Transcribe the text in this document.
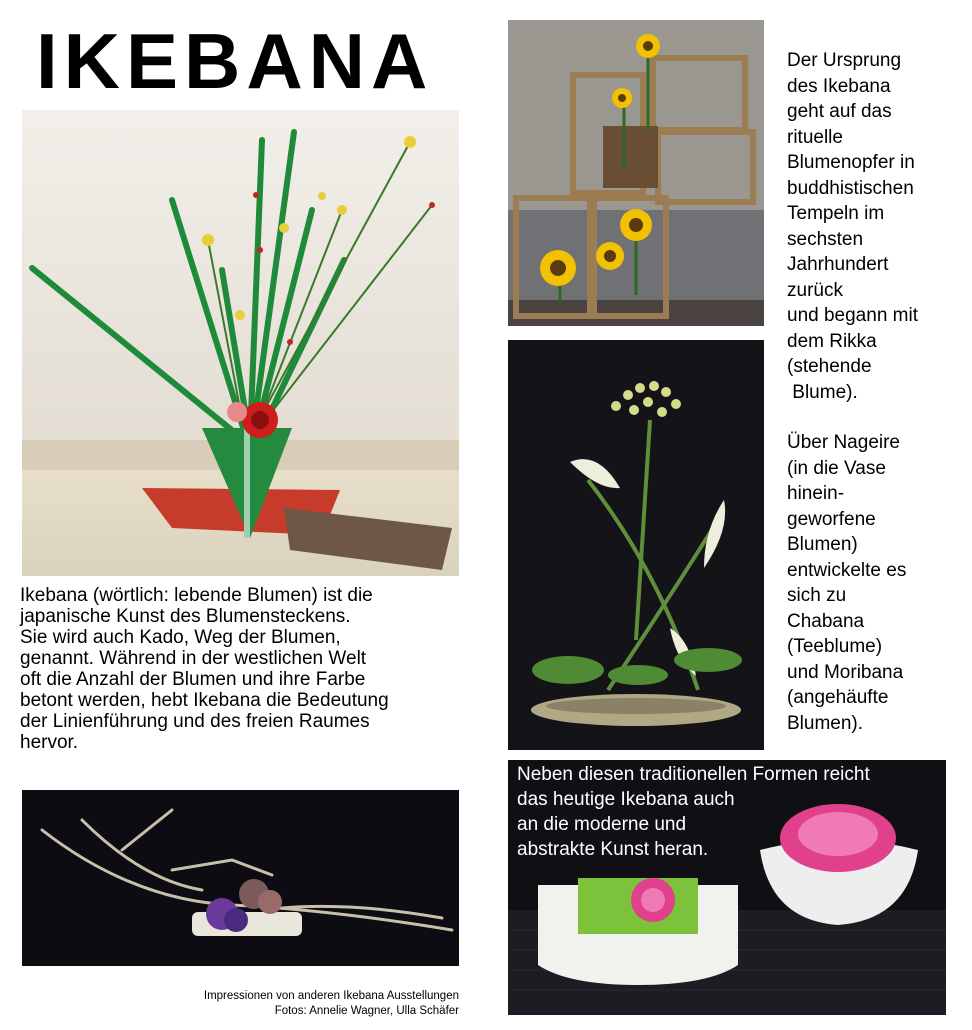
IKEBANA	Der Ursprung

des Ikebana

geht auf das

rituelle

Blumenopfer in

buddhistischen

Tempeln im

sechsten

Jahrhundert

zurück

und begann mit

dem Rikka

(stehende

Blume).

Über Nageire

(in die Vase

hinein-

geworfene

Blumen)

entwickelte es

sich zu

Chabana

(Teeblume)

und Moribana

(angehäufte

Blumen).

Ikebana (wörtlich: lebende Blumen) ist die
japanische Kunst des Blumensteckens.
Sie wird auch Kado, Weg der Blumen,
genannt. Während in der westlichen Welt
oft die Anzahl der Blumen und ihre Farbe
betont werden, hebt Ikebana die Bedeutung
der Linienführung und des freien Raumes
hervor.
Neben diesen traditionellen Formen reicht
das heutige Ikebana auch
an die moderne und
abstrakte Kunst heran.
Impressionen von anderen Ikebana Ausstellungen
Fotos: Annelie Wagner, Ulla Schäfer
